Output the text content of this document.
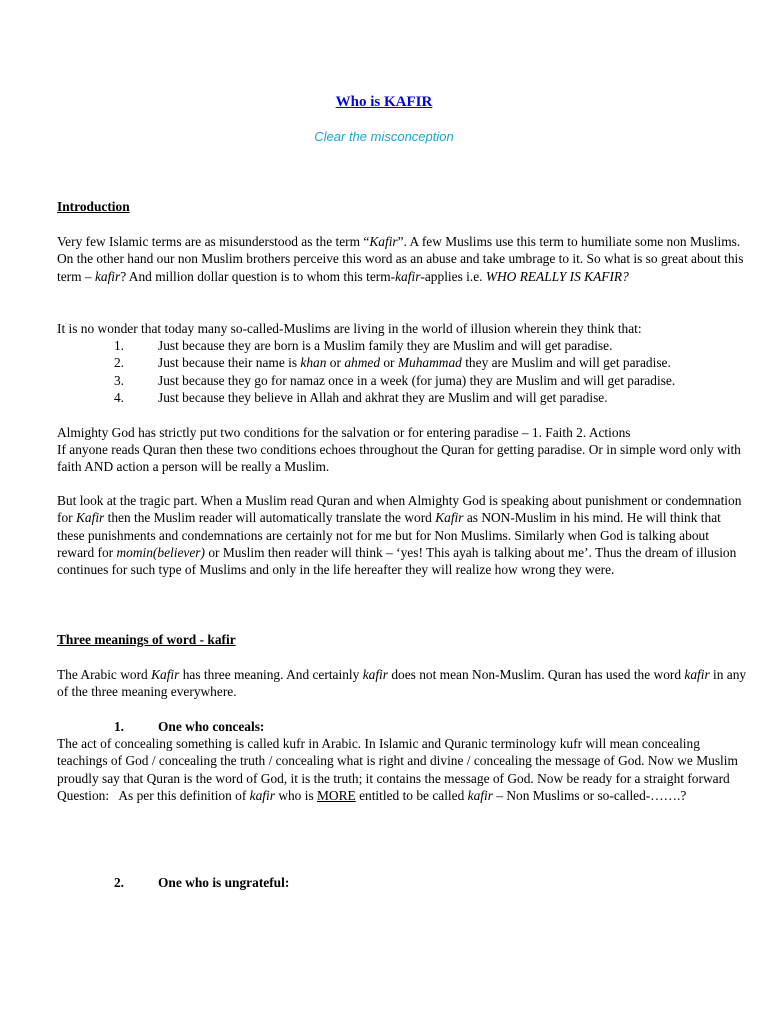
Who is KAFIR
Clear the misconception
Introduction

Very few Islamic terms are as misunderstood as the term “Kafir”. A few Muslims use this term to humiliate some non Muslims. On the other hand our non Muslim brothers perceive this word as an abuse and take umbrage to it. So what is so great about this term – kafir? And million dollar question is to whom this term-kafir-applies i.e. WHO REALLY IS KAFIR?

It is no wonder that today many so-called-Muslims are living in the world of illusion wherein they think that:

1.	Just because they are born is a Muslim family they are Muslim and will get paradise.
2.	Just because their name is khan or ahmed or Muhammad they are Muslim and will get paradise.
3.	Just because they go for namaz once in a week (for juma) they are Muslim and will get paradise.
4.	Just because they believe in Allah and akhrat they are Muslim and will get paradise.

Almighty God has strictly put two conditions for the salvation or for entering paradise – 1. Faith 2. Actions

If anyone reads Quran then these two conditions echoes throughout the Quran for getting paradise. Or in simple word only with faith AND action a person will be really a Muslim.

But look at the tragic part. When a Muslim read Quran and when Almighty God is speaking about punishment or condemnation for Kafir then the Muslim reader will automatically translate the word Kafir as NON-Muslim in his mind. He will think that these punishments and condemnations are certainly not for me but for Non Muslims. Similarly when God is talking about reward for momin(believer) or Muslim then reader will think – ‘yes! This ayah is talking about me’. Thus the dream of illusion continues for such type of Muslims and only in the life hereafter they will realize how wrong they were.

Three meanings of word - kafir

The Arabic word Kafir has three meaning. And certainly kafir does not mean Non-Muslim. Quran has used the word kafir in any of the three meaning everywhere.

1.	One who conceals:

The act of concealing something is called kufr in Arabic. In Islamic and Quranic terminology kufr will mean concealing teachings of God / concealing the truth / concealing what is right and divine / concealing the message of God. Now we Muslim proudly say that Quran is the word of God, it is the truth; it contains the message of God. Now be ready for a straight forward Question:   As per this definition of kafir who is MORE entitled to be called kafir – Non Muslims or so-called-…….?

2.	One who is ungrateful:
